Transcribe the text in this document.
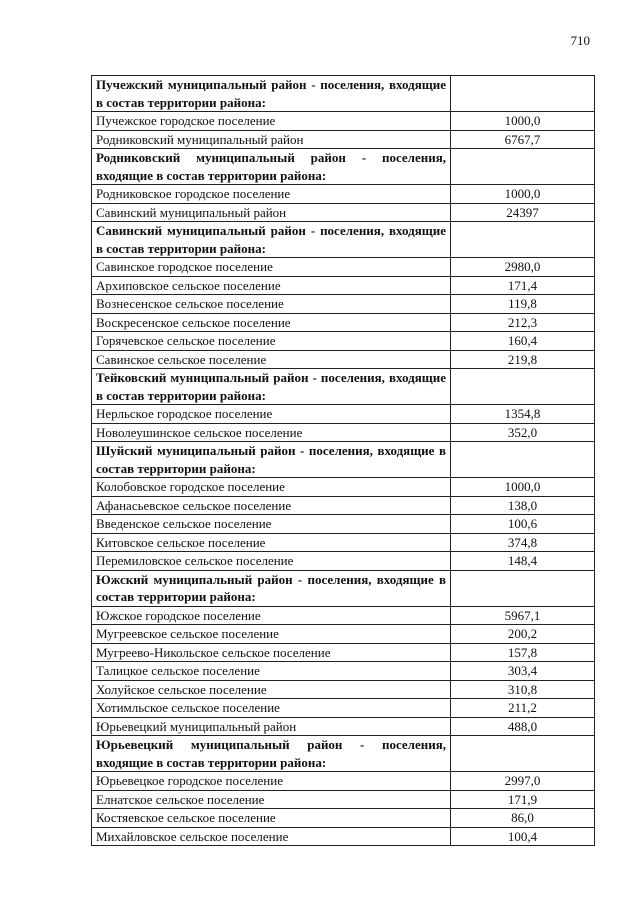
710
Пучежский муниципальный район - поселения, входящие в состав территории района:	
Пучежское городское поселение	1000,0
Родниковский муниципальный район	6767,7
Родниковский муниципальный район - поселения, входящие в состав территории района:	
Родниковское городское поселение	1000,0
Савинский муниципальный район	24397
Савинский муниципальный район - поселения, входящие в состав территории района:	
Савинское городское поселение	2980,0
Архиповское сельское поселение	171,4
Вознесенское сельское поселение	119,8
Воскресенское сельское поселение	212,3
Горячевское сельское поселение	160,4
Савинское сельское поселение	219,8
Тейковский муниципальный район - поселения, входящие в состав территории района:	
Нерльское городское поселение	1354,8
Новолеушинское сельское поселение	352,0
Шуйский муниципальный район - поселения, входящие в состав территории района:	
Колобовское городское поселение	1000,0
Афанасьевское сельское поселение	138,0
Введенское сельское поселение	100,6
Китовское сельское поселение	374,8
Перемиловское сельское поселение	148,4
Южский муниципальный район - поселения, входящие в состав территории района:	
Южское городское поселение	5967,1
Мугреевское сельское поселение	200,2
Мугреево-Никольское сельское поселение	157,8
Талицкое сельское поселение	303,4
Холуйское сельское поселение	310,8
Хотимльское сельское поселение	211,2
Юрьевецкий муниципальный район	488,0
Юрьевецкий муниципальный район - поселения, входящие в состав территории района:	
Юрьевецкое городское поселение	2997,0
Елнатское сельское поселение	171,9
Костяевское сельское поселение	86,0
Михайловское сельское поселение	100,4
